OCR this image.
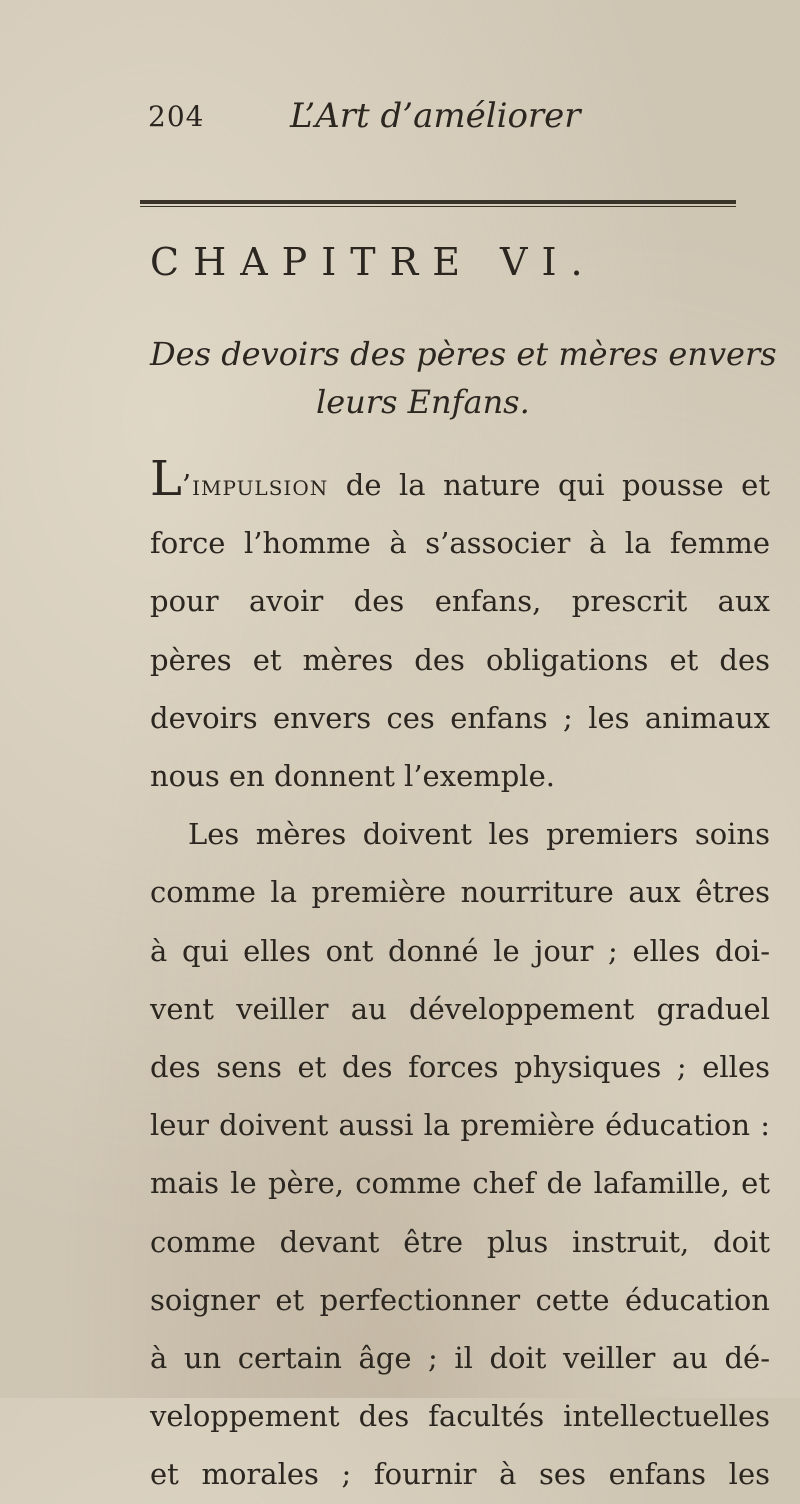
204	L’Art d’améliorer
CHAPITRE VI.
Des devoirs des pères et mères envers
leurs Enfans.

L’impulsion de la nature qui pousse et
force l’homme à s’associer à la femme
pour avoir des enfans, prescrit aux
pères et mères des obligations et des
devoirs envers ces enfans ; les animaux
nous en donnent l’exemple.

Les mères doivent les premiers soins
comme la première nourriture aux êtres
à qui elles ont donné le jour ; elles doi-
vent veiller au développement graduel
des sens et des forces physiques ; elles
leur doivent aussi la première éducation :
mais le père, comme chef de lafamille, et
comme devant être plus instruit, doit
soigner et perfectionner cette éducation
à un certain âge ; il doit veiller au dé-
veloppement des facultés intellectuelles
et morales ; fournir à ses enfans les
